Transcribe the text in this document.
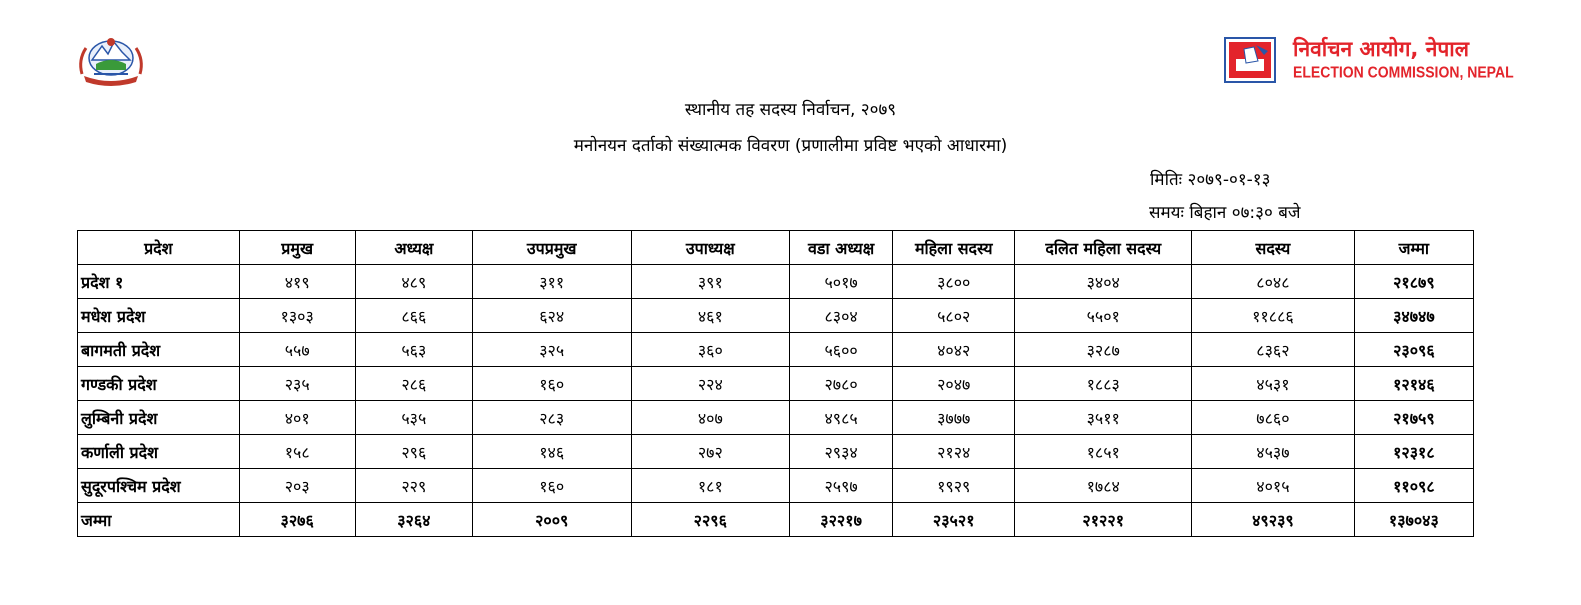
निर्वाचन आयोग, नेपाल
ELECTION COMMISSION, NEPAL
स्थानीय तह सदस्य निर्वाचन, २०७९
मनोनयन दर्ताको संख्यात्मक विवरण (प्रणालीमा प्रविष्ट भएको आधारमा)
मितिः २०७९-०१-१३
समयः बिहान ०७:३० बजे
प्रदेश	प्रमुख	अध्यक्ष	उपप्रमुख	उपाध्यक्ष	वडा अध्यक्ष	महिला सदस्य	दलित महिला सदस्य	सदस्य	जम्मा
प्रदेश १	४१९	४८९	३११	३९१	५०१७	३८००	३४०४	८०४८	२१८७९
मधेश प्रदेश	१३०३	८६६	६२४	४६१	८३०४	५८०२	५५०१	११८८६	३४७४७
बागमती प्रदेश	५५७	५६३	३२५	३६०	५६००	४०४२	३२८७	८३६२	२३०९६
गण्डकी प्रदेश	२३५	२८६	१६०	२२४	२७८०	२०४७	१८८३	४५३१	१२१४६
लुम्बिनी प्रदेश	४०१	५३५	२८३	४०७	४९८५	३७७७	३५११	७८६०	२१७५९
कर्णाली प्रदेश	१५८	२९६	१४६	२७२	२९३४	२१२४	१८५१	४५३७	१२३१८
सुदूरपश्चिम प्रदेश	२०३	२२९	१६०	१८१	२५९७	१९२९	१७८४	४०१५	११०९८
जम्मा	३२७६	३२६४	२००९	२२९६	३२२१७	२३५२१	२१२२१	४९२३९	१३७०४३
